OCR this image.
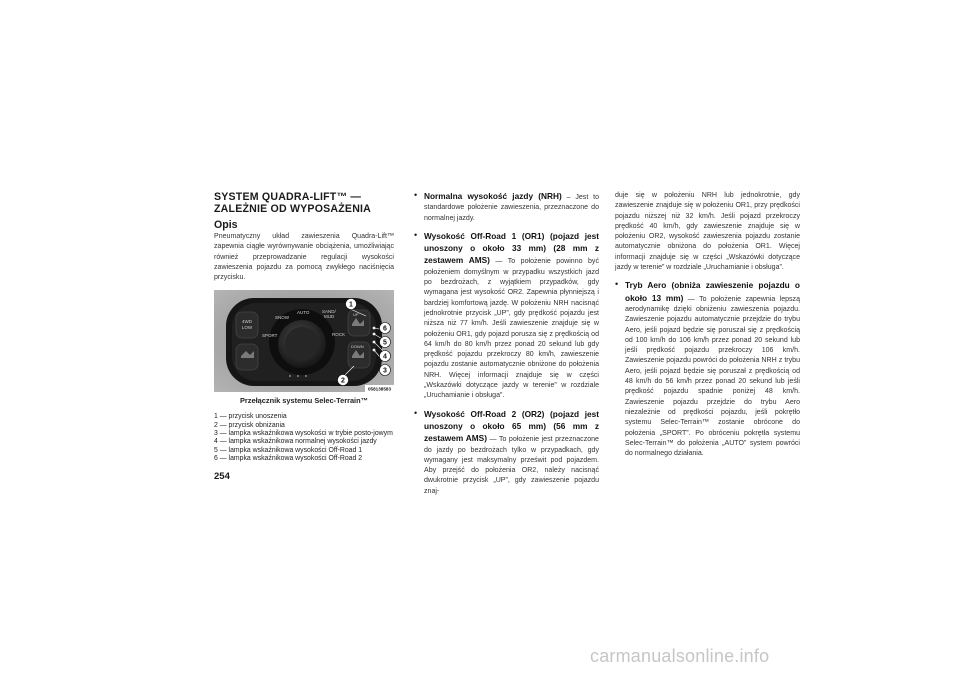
SYSTEM QUADRA-LIFT™ —
ZALEŻNIE OD WYPOSAŻENIA
Opis

Pneumatyczny układ zawieszenia Quadra-Lift™ zapewnia ciągłe wyrównywanie obciążenia, umożliwiając również przeprowadzanie regulacji wysokości zawieszenia pojazdu za pomocą zwykłego naciśnięcia przycisku.

4WD
LOW
SNOW
AUTO	SAND/
MUD
SPORT	ROCK
UP
DOWN
1
6
5
4
3
2
058138583
Przełącznik systemu Selec-Terrain™
1 — przycisk unoszenia
2 — przycisk obniżania
3 — lampka wskaźnikowa wysokości w trybie posto-jowym
4 — lampka wskaźnikowa normalnej wysokości jazdy
5 — lampka wskaźnikowa wysokości Off-Road 1
6 — lampka wskaźnikowa wysokości Off-Road 2
• Normalna wysokość jazdy (NRH) – Jest to standardowe położenie zawieszenia, przeznaczone do normalnej jazdy.
• Wysokość Off-Road 1 (OR1) (pojazd jest unoszony o około 33 mm) (28 mm z zestawem AMS) — To położenie powinno być położeniem domyślnym w przypadku wszystkich jazd po bezdrożach, z wyjątkiem przypadków, gdy wymagana jest wysokość OR2. Zapewnia płynniejszą i bardziej komfortową jazdę. W położeniu NRH nacisnąć jednokrotnie przycisk „UP”, gdy prędkość pojazdu jest niższa niż 77 km/h. Jeśli zawieszenie znajduje się w położeniu OR1, gdy pojazd porusza się z prędkością od 64 km/h do 80 km/h przez ponad 20 sekund lub gdy prędkość pojazdu przekroczy 80 km/h, zawieszenie pojazdu zostanie automatycznie obniżone do położenia NRH. Więcej informacji znajduje się w części „Wskazówki dotyczące jazdy w terenie” w rozdziale „Uruchamianie i obsługa”.
• Wysokość Off-Road 2 (OR2) (pojazd jest unoszony o około 65 mm) (56 mm z zestawem AMS) — To położenie jest przeznaczone do jazdy po bezdrożach tylko w przypadkach, gdy wymagany jest maksymalny prześwit pod pojazdem. Aby przejść do położenia OR2, należy nacisnąć dwukrotnie przycisk „UP”, gdy zawieszenie pojazdu znaj-
duje się w położeniu NRH lub jednokrotnie, gdy zawieszenie znajduje się w położeniu OR1, przy prędkości pojazdu niższej niż 32 km/h. Jeśli pojazd przekroczy prędkość 40 km/h, gdy zawieszenie znajduje się w położeniu OR2, wysokość zawieszenia pojazdu zostanie automatycznie obniżona do położenia OR1. Więcej informacji znajduje się w części „Wskazówki dotyczące jazdy w terenie” w rozdziale „Uruchamianie i obsługa”.
• Tryb Aero (obniża zawieszenie pojazdu o około 13 mm) — To położenie zapewnia lepszą aerodynamikę dzięki obniżeniu zawieszenia pojazdu. Zawieszenie pojazdu automatycznie przejdzie do trybu Aero, jeśli pojazd będzie się poruszał się z prędkością od 100 km/h do 106 km/h przez ponad 20 sekund lub jeśli prędkość pojazdu przekroczy 106 km/h. Zawieszenie pojazdu powróci do położenia NRH z trybu Aero, jeśli pojazd będzie się poruszał z prędkością od 48 km/h do 56 km/h przez ponad 20 sekund lub jeśli prędkość pojazdu spadnie poniżej 48 km/h. Zawieszenie pojazdu przejdzie do trybu Aero niezależnie od prędkości pojazdu, jeśli pokrętło systemu Selec-Terrain™ zostanie obrócone do położenia „SPORT”. Po obróceniu pokrętła systemu Selec-Terrain™ do położenia „AUTO” system powróci do normalnego działania.
254
carmanualsonline.info
